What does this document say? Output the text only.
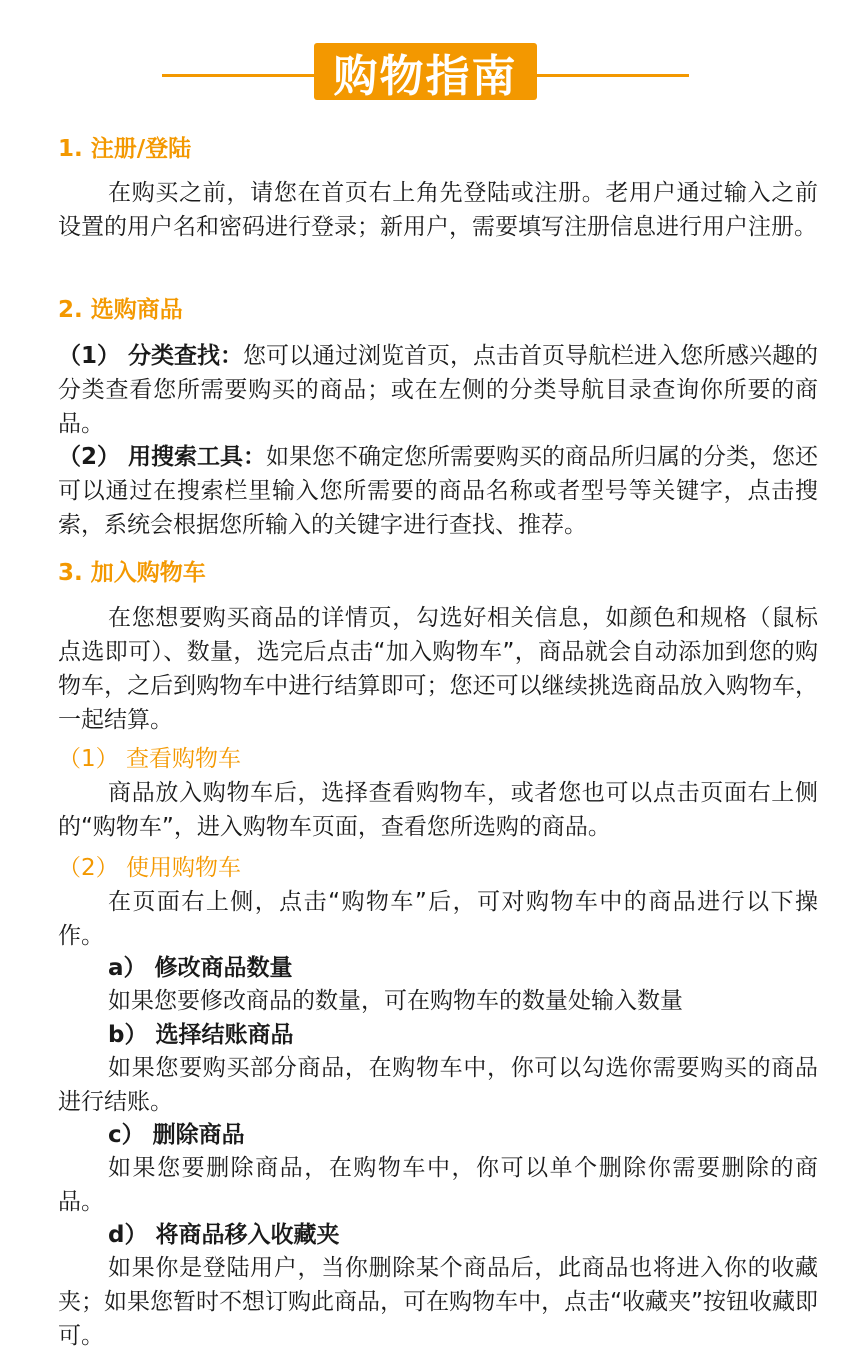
购物指南
1. 注册/登陆
在购买之前，请您在首页右上角先登陆或注册。老用户通过输入之前设置的用户名和密码进行登录；新用户，需要填写注册信息进行用户注册。
2. 选购商品
（1） 分类查找：您可以通过浏览首页，点击首页导航栏进入您所感兴趣的分类查看您所需要购买的商品；或在左侧的分类导航目录查询你所要的商品。
（2） 用搜索工具：如果您不确定您所需要购买的商品所归属的分类，您还可以通过在搜索栏里输入您所需要的商品名称或者型号等关键字，点击搜索，系统会根据您所输入的关键字进行查找、推荐。
3. 加入购物车
在您想要购买商品的详情页，勾选好相关信息，如颜色和规格（鼠标点选即可）、数量，选完后点击“加入购物车”，商品就会自动添加到您的购物车，之后到购物车中进行结算即可；您还可以继续挑选商品放入购物车，一起结算。
（1） 查看购物车
商品放入购物车后，选择查看购物车，或者您也可以点击页面右上侧的“购物车”，进入购物车页面，查看您所选购的商品。
（2） 使用购物车
在页面右上侧，点击“购物车”后，可对购物车中的商品进行以下操作。
a） 修改商品数量
如果您要修改商品的数量，可在购物车的数量处输入数量
b） 选择结账商品
如果您要购买部分商品，在购物车中，你可以勾选你需要购买的商品进行结账。
c） 删除商品
如果您要删除商品，在购物车中，你可以单个删除你需要删除的商品。
d） 将商品移入收藏夹
如果你是登陆用户，当你删除某个商品后，此商品也将进入你的收藏夹；如果您暂时不想订购此商品，可在购物车中，点击“收藏夹”按钮收藏即可。
